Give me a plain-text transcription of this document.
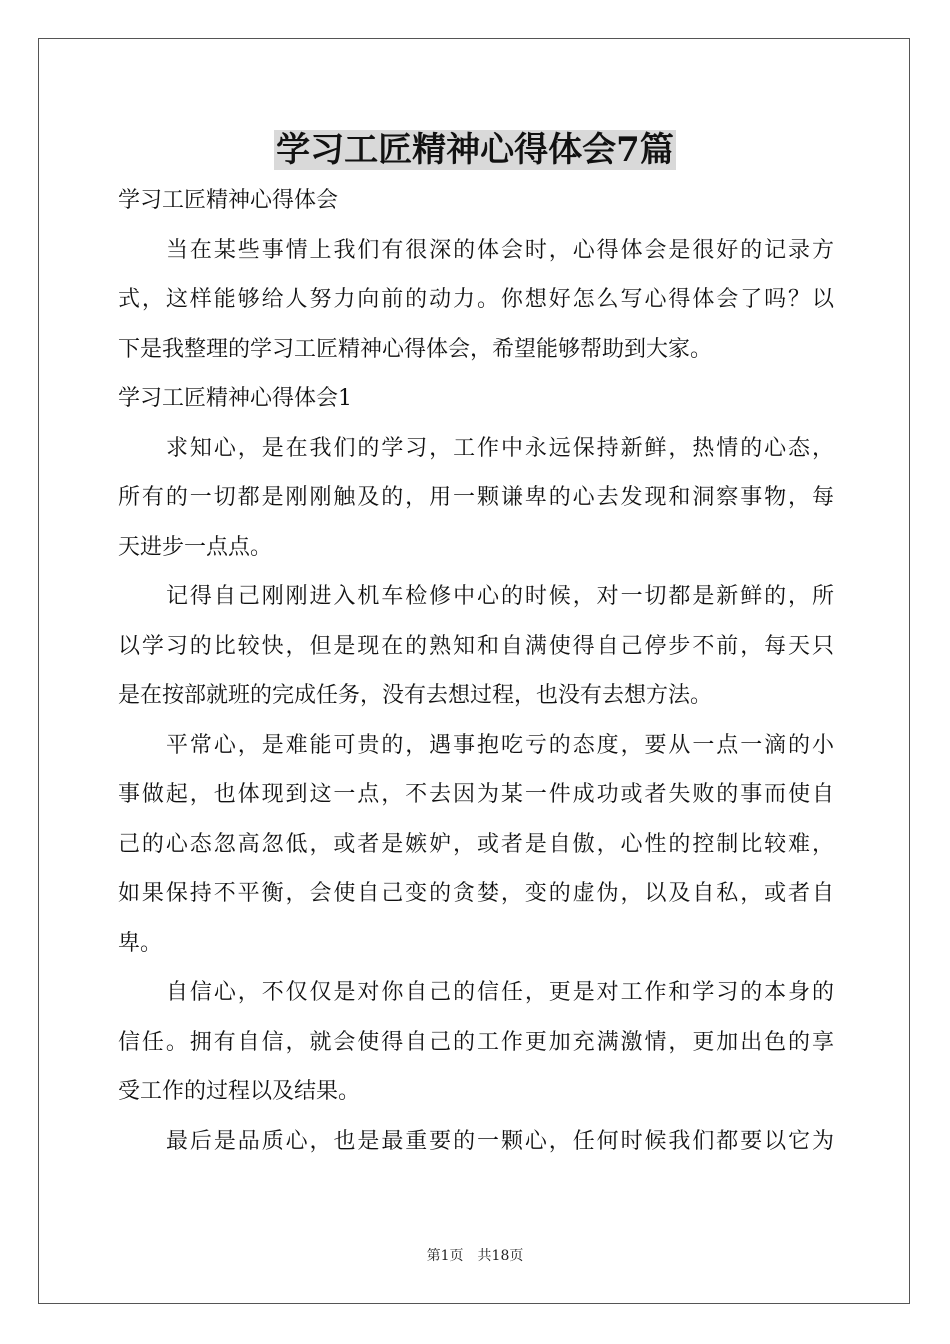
学习工匠精神心得体会7篇
学习工匠精神心得体会
当在某些事情上我们有很深的体会时，心得体会是很好的记录方
式，这样能够给人努力向前的动力。你想好怎么写心得体会了吗？以
下是我整理的学习工匠精神心得体会，希望能够帮助到大家。
学习工匠精神心得体会1
求知心，是在我们的学习，工作中永远保持新鲜，热情的心态，
所有的一切都是刚刚触及的，用一颗谦卑的心去发现和洞察事物，每
天进步一点点。
记得自己刚刚进入机车检修中心的时候，对一切都是新鲜的，所
以学习的比较快，但是现在的熟知和自满使得自己停步不前，每天只
是在按部就班的完成任务，没有去想过程，也没有去想方法。
平常心，是难能可贵的，遇事抱吃亏的态度，要从一点一滴的小
事做起，也体现到这一点，不去因为某一件成功或者失败的事而使自
己的心态忽高忽低，或者是嫉妒，或者是自傲，心性的控制比较难，
如果保持不平衡，会使自己变的贪婪，变的虚伪，以及自私，或者自
卑。
自信心，不仅仅是对你自己的信任，更是对工作和学习的本身的
信任。拥有自信，就会使得自己的工作更加充满激情，更加出色的享
受工作的过程以及结果。
最后是品质心，也是最重要的一颗心，任何时候我们都要以它为
第1页 共18页
